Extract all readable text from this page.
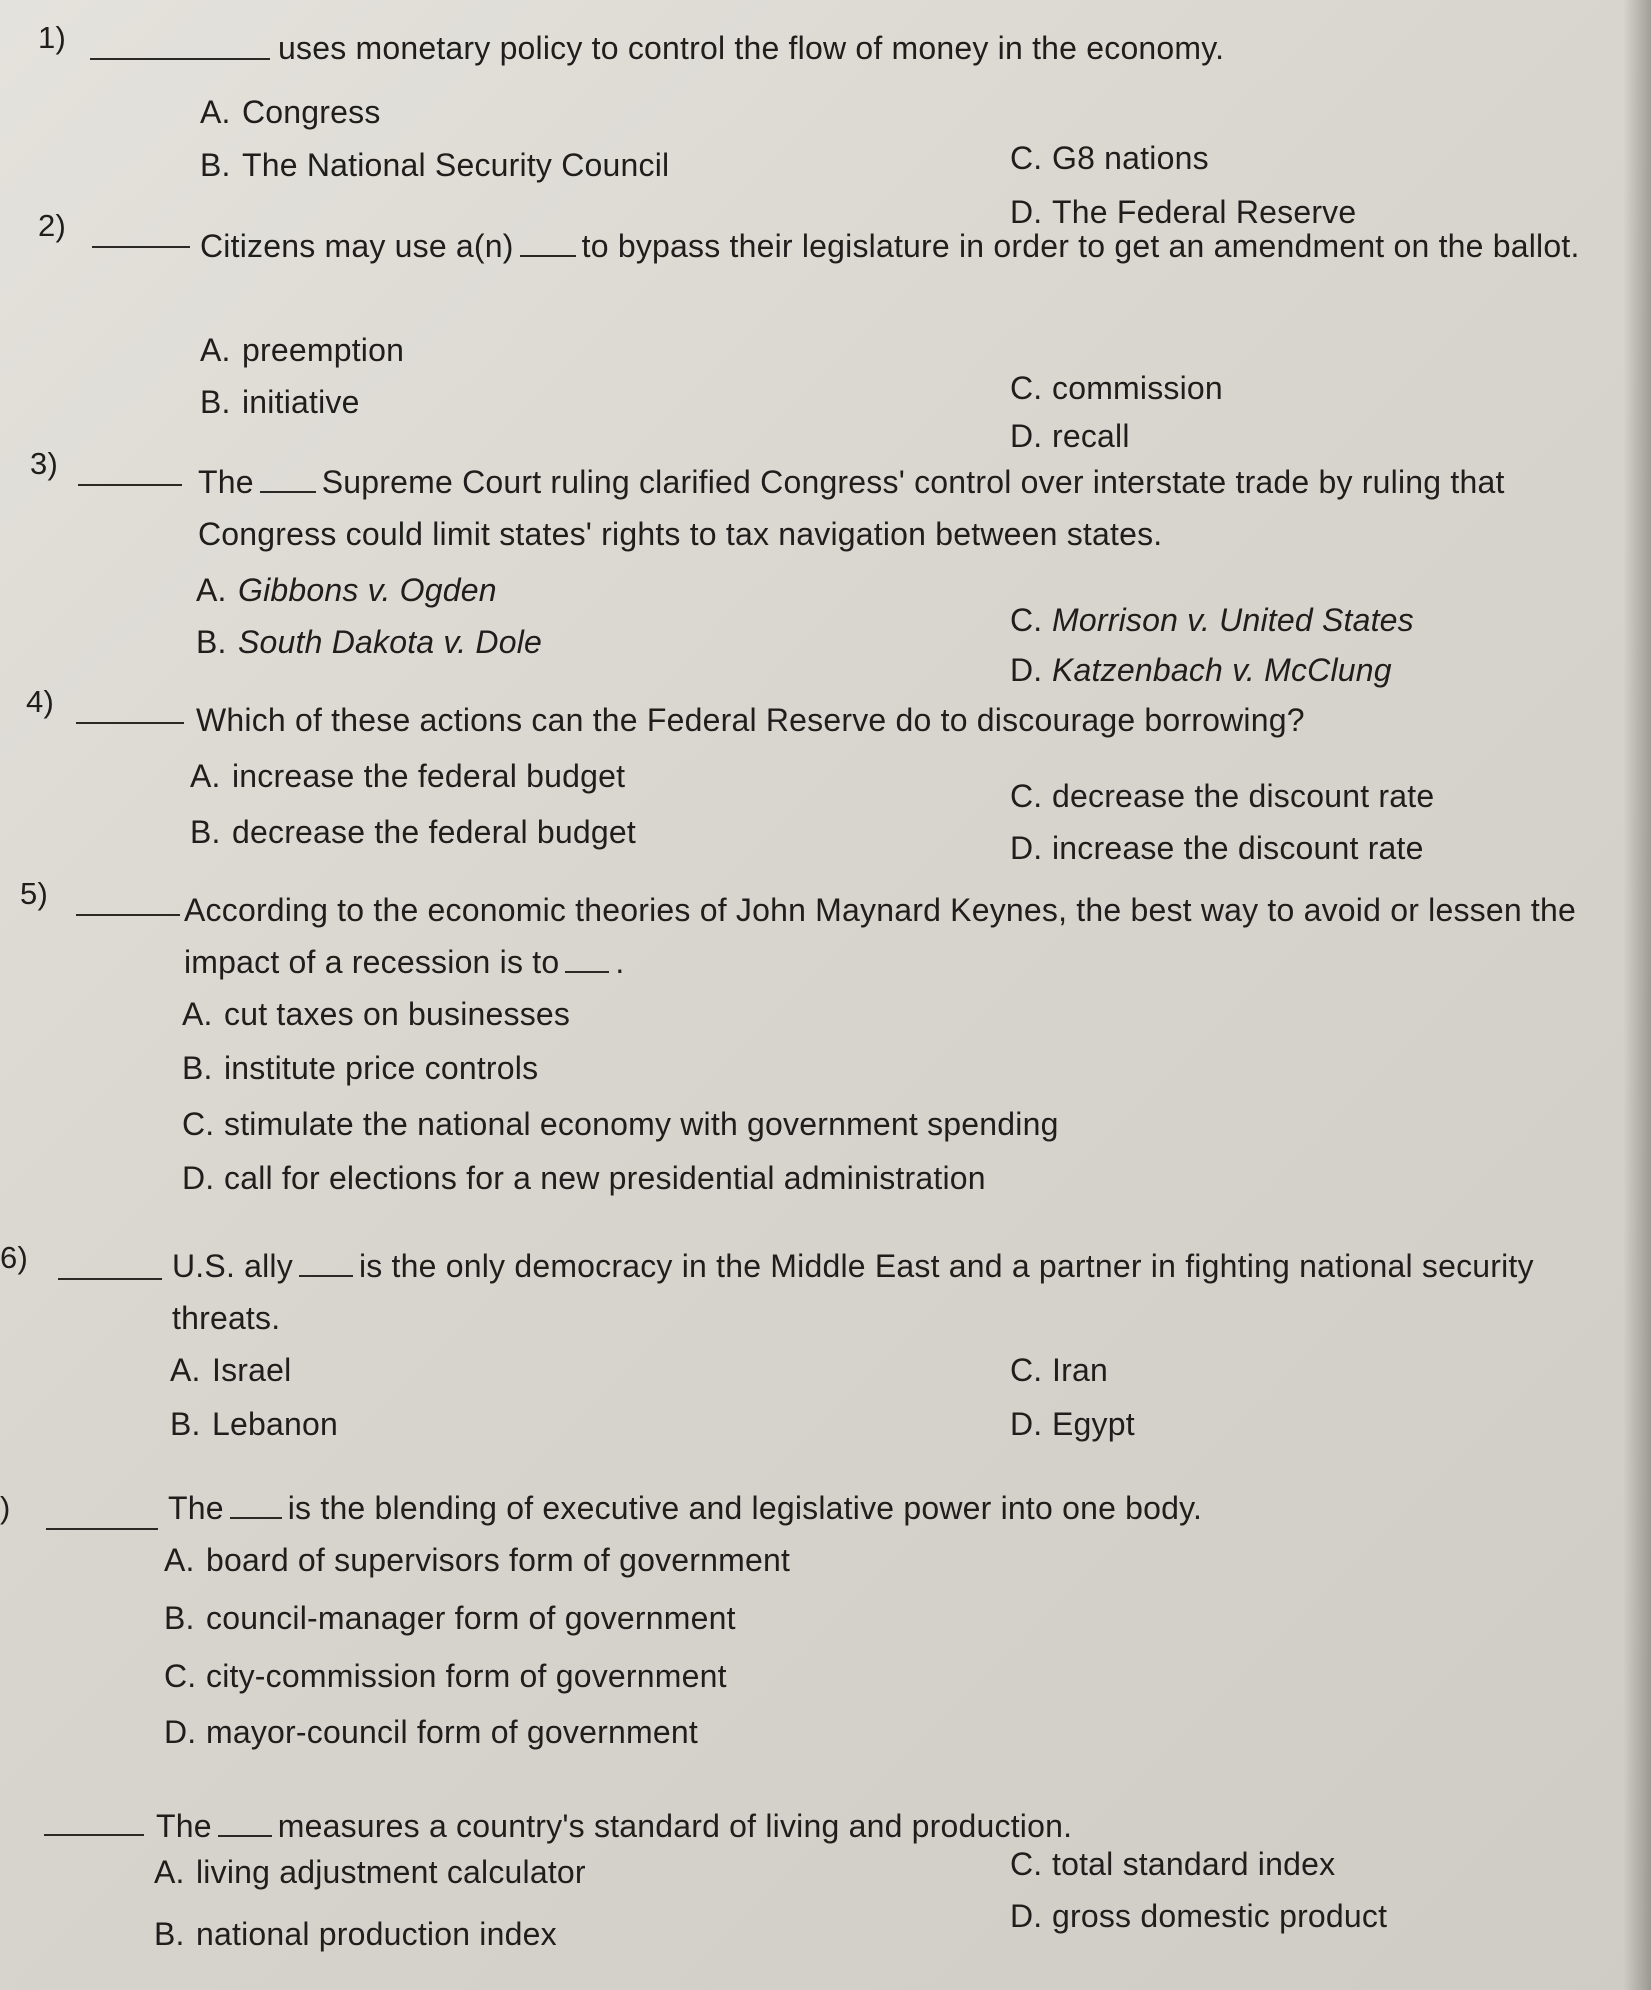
1)	uses monetary policy to control the flow of money in the economy.
A. Congress
B. The National Security Council	C. G8 nations
D. The Federal Reserve
2)
Citizens may use a(n) to bypass their legislature in order to get an amendment on the ballot.
A. preemption
B. initiative	C. commission
D. recall
3)
The Supreme Court ruling clarified Congress' control over interstate trade by ruling that Congress could limit states' rights to tax navigation between states.
A. Gibbons v. Ogden
B. South Dakota v. Dole
C. Morrison v. United States
D. Katzenbach v. McClung
4)
Which of these actions can the Federal Reserve do to discourage borrowing?
A. increase the federal budget
B. decrease the federal budget
C. decrease the discount rate
D. increase the discount rate
5)	According to the economic theories of John Maynard Keynes, the best way to avoid or lessen the impact of a recession is to .
A. cut taxes on businesses
B. institute price controls
C. stimulate the national economy with government spending
D. call for elections for a new presidential administration
6)	U.S. ally is the only democracy in the Middle East and a partner in fighting national security threats.
A. Israel
B. Lebanon
C. Iran
D. Egypt
)	The is the blending of executive and legislative power into one body.
A. board of supervisors form of government
B. council-manager form of government
C. city-commission form of government
D. mayor-council form of government
The measures a country's standard of living and production.
A. living adjustment calculator
B. national production index
C. total standard index
D. gross domestic product
